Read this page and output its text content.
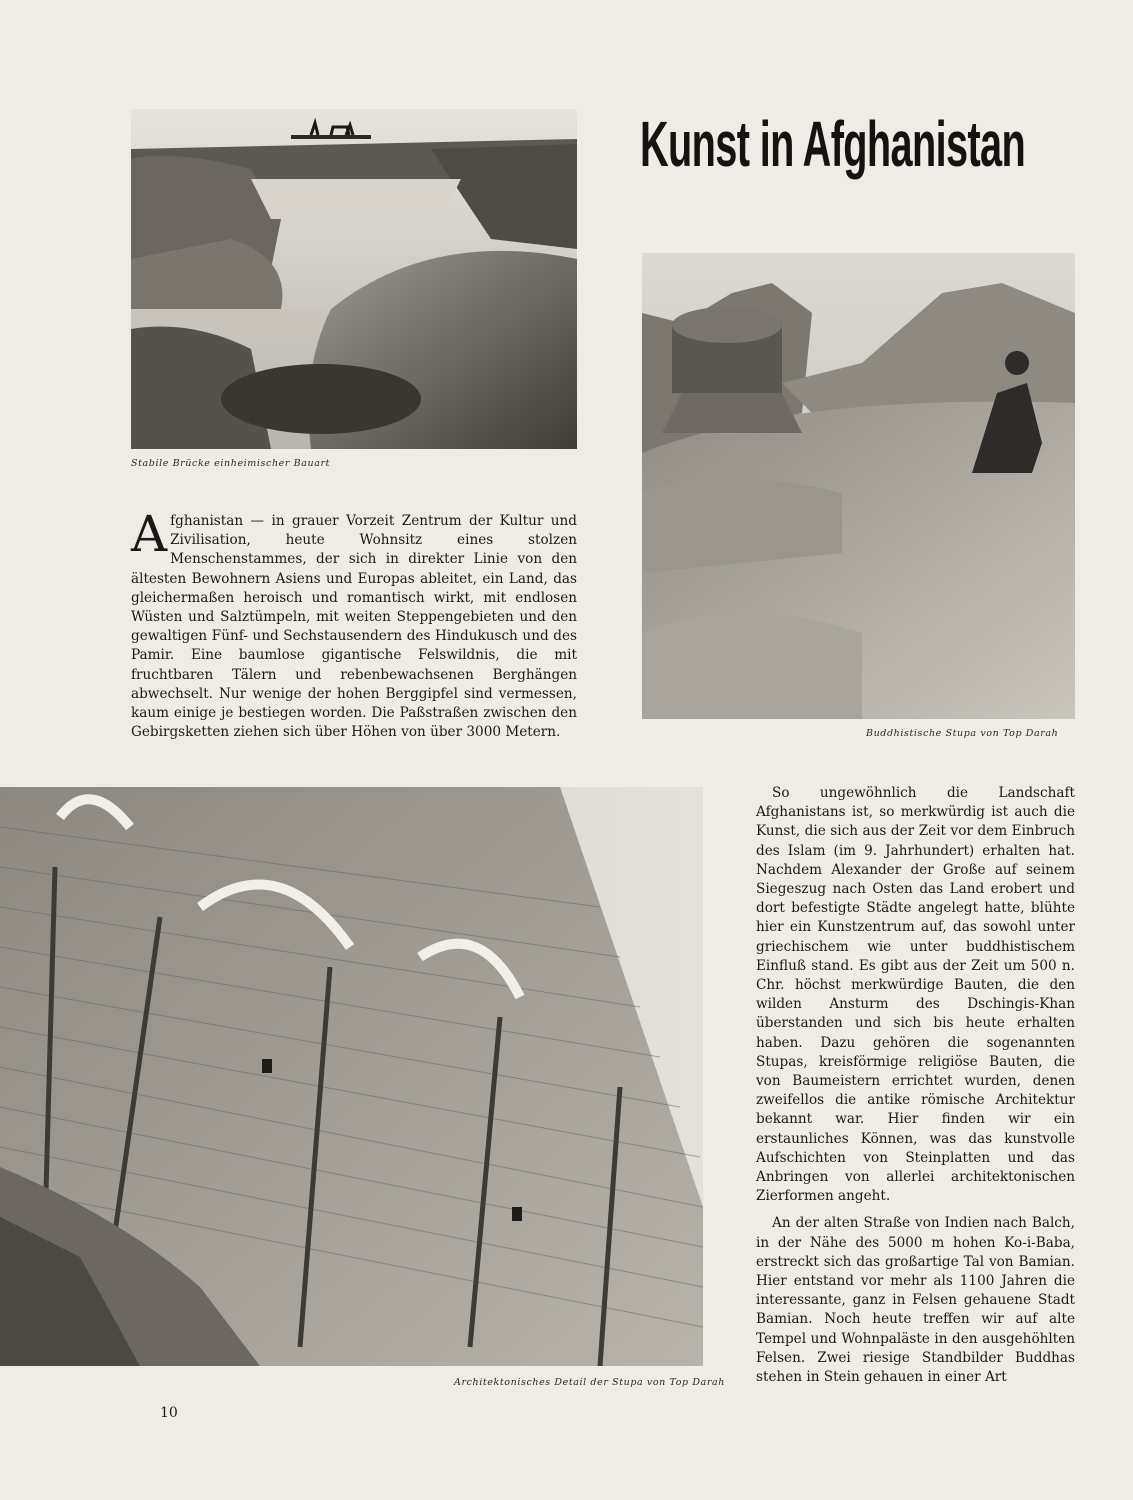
Kunst in Afghanistan
Stabile Brücke einheimischer Bauart
Buddhistische Stupa von Top Darah
Architektonisches Detail der Stupa von Top Darah
Afghanistan — in grauer Vorzeit Zentrum der Kultur und Zivilisation, heute Wohnsitz eines stolzen Menschenstammes, der sich in direkter Linie von den ältesten Bewohnern Asiens und Europas ableitet, ein Land, das gleichermaßen heroisch und romantisch wirkt, mit endlosen Wüsten und Salztümpeln, mit weiten Steppengebieten und den gewaltigen Fünf- und Sechstausendern des Hindukusch und des Pamir. Eine baumlose gigantische Felswildnis, die mit fruchtbaren Tälern und rebenbewachsenen Berghängen abwechselt. Nur wenige der hohen Berggipfel sind vermessen, kaum einige je bestiegen worden. Die Paßstraßen zwischen den Gebirgsketten ziehen sich über Höhen von über 3000 Metern.

So ungewöhnlich die Landschaft Afghanistans ist, so merkwürdig ist auch die Kunst, die sich aus der Zeit vor dem Einbruch des Islam (im 9. Jahrhundert) erhalten hat. Nachdem Alexander der Große auf seinem Siegeszug nach Osten das Land erobert und dort befestigte Städte angelegt hatte, blühte hier ein Kunstzentrum auf, das sowohl unter griechischem wie unter buddhistischem Einfluß stand. Es gibt aus der Zeit um 500 n. Chr. höchst merkwürdige Bauten, die den wilden Ansturm des Dschingis-Khan überstanden und sich bis heute erhalten haben. Dazu gehören die sogenannten Stupas, kreisförmige religiöse Bauten, die von Baumeistern errichtet wurden, denen zweifellos die antike römische Architektur bekannt war. Hier finden wir ein erstaunliches Können, was das kunstvolle Aufschichten von Steinplatten und das Anbringen von allerlei architektonischen Zierformen angeht.

An der alten Straße von Indien nach Balch, in der Nähe des 5000 m hohen Ko-i-Baba, erstreckt sich das großartige Tal von Bamian. Hier entstand vor mehr als 1100 Jahren die interessante, ganz in Felsen gehauene Stadt Bamian. Noch heute treffen wir auf alte Tempel und Wohnpaläste in den ausgehöhlten Felsen. Zwei riesige Standbilder Buddhas stehen in Stein gehauen in einer Art

10
